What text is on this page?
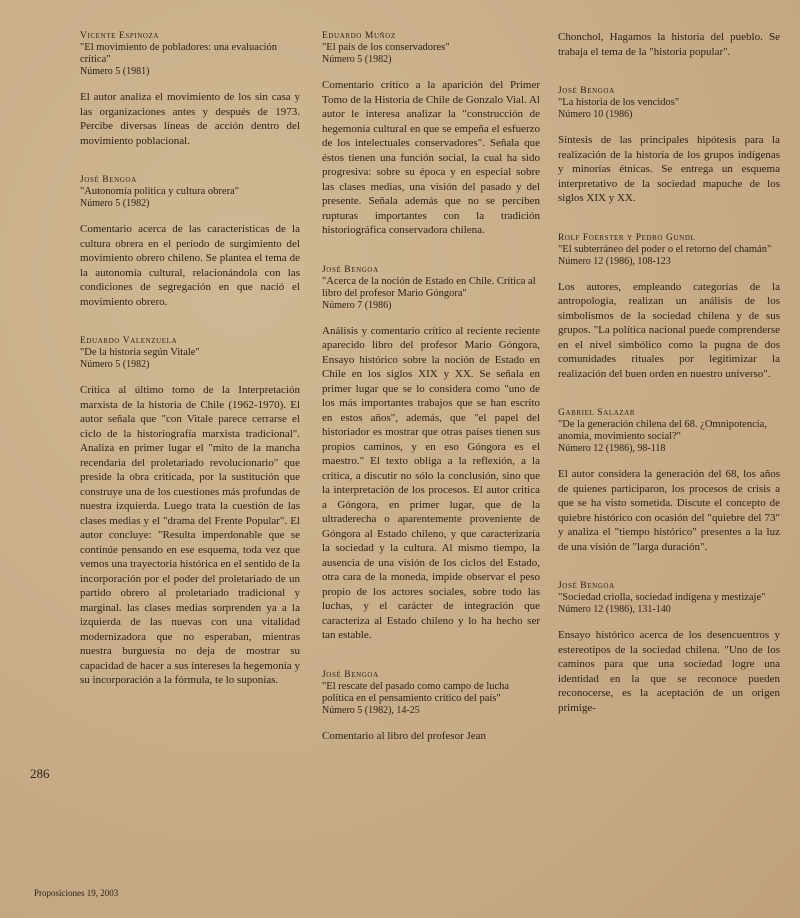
Vicente Espinoza
"El movimiento de pobladores: una evaluación crítica"
Número 5 (1981)
El autor analiza el movimiento de los sin casa y las organizaciones antes y después de 1973. Percibe diversas líneas de acción dentro del movimiento poblacional.
José Bengoa
"Autonomía política y cultura obrera"
Número 5 (1982)
Comentario acerca de las características de la cultura obrera en el período de surgimiento del movimiento obrero chileno. Se plantea el tema de la autonomía cultural, relacionándola con las condiciones de segregación en que nació el movimiento obrero.
Eduardo Valenzuela
"De la historia según Vitale"
Número 5 (1982)
Crítica al último tomo de la Interpretación marxista de la historia de Chile (1962-1970). El autor señala que "con Vitale parece cerrarse el ciclo de la historiografía marxista tradicional". Analiza en primer lugar el "mito de la mancha recendaria del proletariado revolucionario" que preside la obra criticada, por la sustitución que construye una de los cuestiones más profundas de nuestra izquierda. Luego trata la cuestión de las clases medias y el "drama del Frente Popular". El autor concluye: "Resulta imperdonable que se continúe pensando en ese esquema, toda vez que vemos una trayectoria histórica en el sentido de la incorporación por el poder del proletariado de un partido obrero al proletariado tradicional y marginal. las clases medias sorprenden ya a la izquierda de las nuevas con una vitalidad modernizadora que no esperaban, mientras nuestra burguesía no deja de mostrar su capacidad de hacer a sus intereses la hegemonía y su incorporación a la fórmula, te lo suponías.
Eduardo Muñoz
"El país de los conservadores"
Número 5 (1982)
Comentario crítico a la aparición del Primer Tomo de la Historia de Chile de Gonzalo Vial. Al autor le interesa analizar la "construcción de hegemonía cultural en que se empeña el esfuerzo de los intelectuales conservadores". Señala que éstos tienen una función social, la cual ha sido progresiva: sobre su época y en especial sobre las clases medias, una visión del pasado y del presente. Señala además que no se perciben rupturas importantes con la tradición historiográfica conservadora chilena.
José Bengoa
"Acerca de la noción de Estado en Chile. Crítica al libro del profesor Mario Góngora"
Número 7 (1986)
Análisis y comentario crítico al reciente reciente aparecido libro del profesor Mario Góngora, Ensayo histórico sobre la noción de Estado en Chile en los siglos XIX y XX. Se señala en primer lugar que se lo considera como "uno de los más importantes trabajos que se han escrito en estos años", además, que "el papel del historiador es mostrar que otras países tienen sus propios caminos, y en eso Góngora es el maestro." El texto obliga a la reflexión, a la crítica, a discutir no sólo la conclusión, sino que la interpretación de los procesos. El autor critica a Góngora, en primer lugar, que de la ultraderecha o aparentemente proveniente de Góngora al Estado chileno, y que caracterizaría la sociedad y la cultura. Al mismo tiempo, la ausencia de una visión de los ciclos del Estado, otra cara de la moneda, impide observar el peso propio de los actores sociales, sobre todo las luchas, y el carácter de integración que caracteriza al Estado chileno y lo ha hecho ser tan estable.
José Bengoa
"El rescate del pasado como campo de lucha política en el pensamiento crítico del país"
Número 5 (1982), 14-25
Comentario al libro del profesor Jean
Chonchol, Hagamos la historia del pueblo. Se trabaja el tema de la "historia popular".
José Bengoa
"La historia de los vencidos"
Número 10 (1986)
Síntesis de las principales hipótesis para la realización de la historia de los grupos indígenas y minorías étnicas. Se entrega un esquema interpretativo de la sociedad mapuche de los siglos XIX y XX.
Rolf Foerster y Pedro Gundl
"El subterráneo del poder o el retorno del chamán"
Número 12 (1986), 108-123
Los autores, empleando categorías de la antropología, realizan un análisis de los simbolismos de la sociedad chilena y de sus grupos. "La política nacional puede comprenderse en el nivel simbólico como la pugna de dos comunidades rituales por legitimizar la realización del buen orden en nuestro universo".
Gabriel Salazar
"De la generación chilena del 68. ¿Omnipotencia, anomia, movimiento social?"
Número 12 (1986), 98-118
El autor considera la generación del 68, los años de quienes participaron, los procesos de crisis a que se ha visto sometida. Discute el concepto de quiebre histórico con ocasión del "quiebre del 73" y analiza el "tiempo histórico" presentes a la luz de una visión de "larga duración".
José Bengoa
"Sociedad criolla, sociedad indígena y mestizaje"
Número 12 (1986), 131-140
Ensayo histórico acerca de los desencuentros y estereotipos de la sociedad chilena. "Uno de los caminos para que una sociedad logre una identidad en la que se reconoce pueden reconocerse, es la aceptación de un origen primige-
286
Proposiciones 19, 2003
